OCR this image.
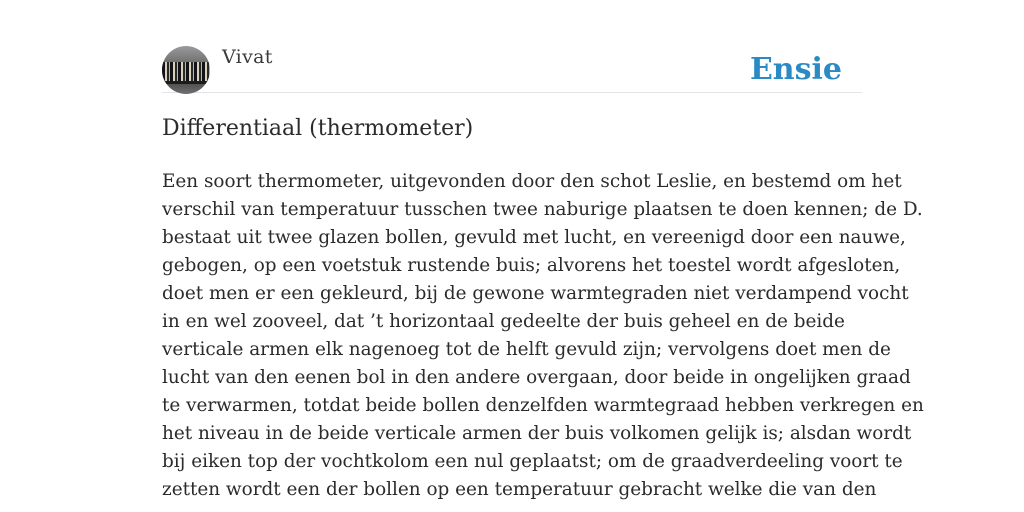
Vivat	Ensie
Differentiaal (thermometer)

Een soort thermometer, uitgevonden door den schot Leslie, en bestemd om het
verschil van temperatuur tusschen twee naburige plaatsen te doen kennen; de D.
bestaat uit twee glazen bollen, gevuld met lucht, en vereenigd door een nauwe,
gebogen, op een voetstuk rustende buis; alvorens het toestel wordt afgesloten,
doet men er een gekleurd, bij de gewone warmtegraden niet verdampend vocht
in en wel zooveel, dat ’t horizontaal gedeelte der buis geheel en de beide
verticale armen elk nagenoeg tot de helft gevuld zijn; vervolgens doet men de
lucht van den eenen bol in den andere overgaan, door beide in ongelijken graad
te verwarmen, totdat beide bollen denzelfden warmtegraad hebben verkregen en
het niveau in de beide verticale armen der buis volkomen gelijk is; alsdan wordt
bij eiken top der vochtkolom een nul geplaatst; om de graadverdeeling voort te
zetten wordt een der bollen op een temperatuur gebracht welke die van den
